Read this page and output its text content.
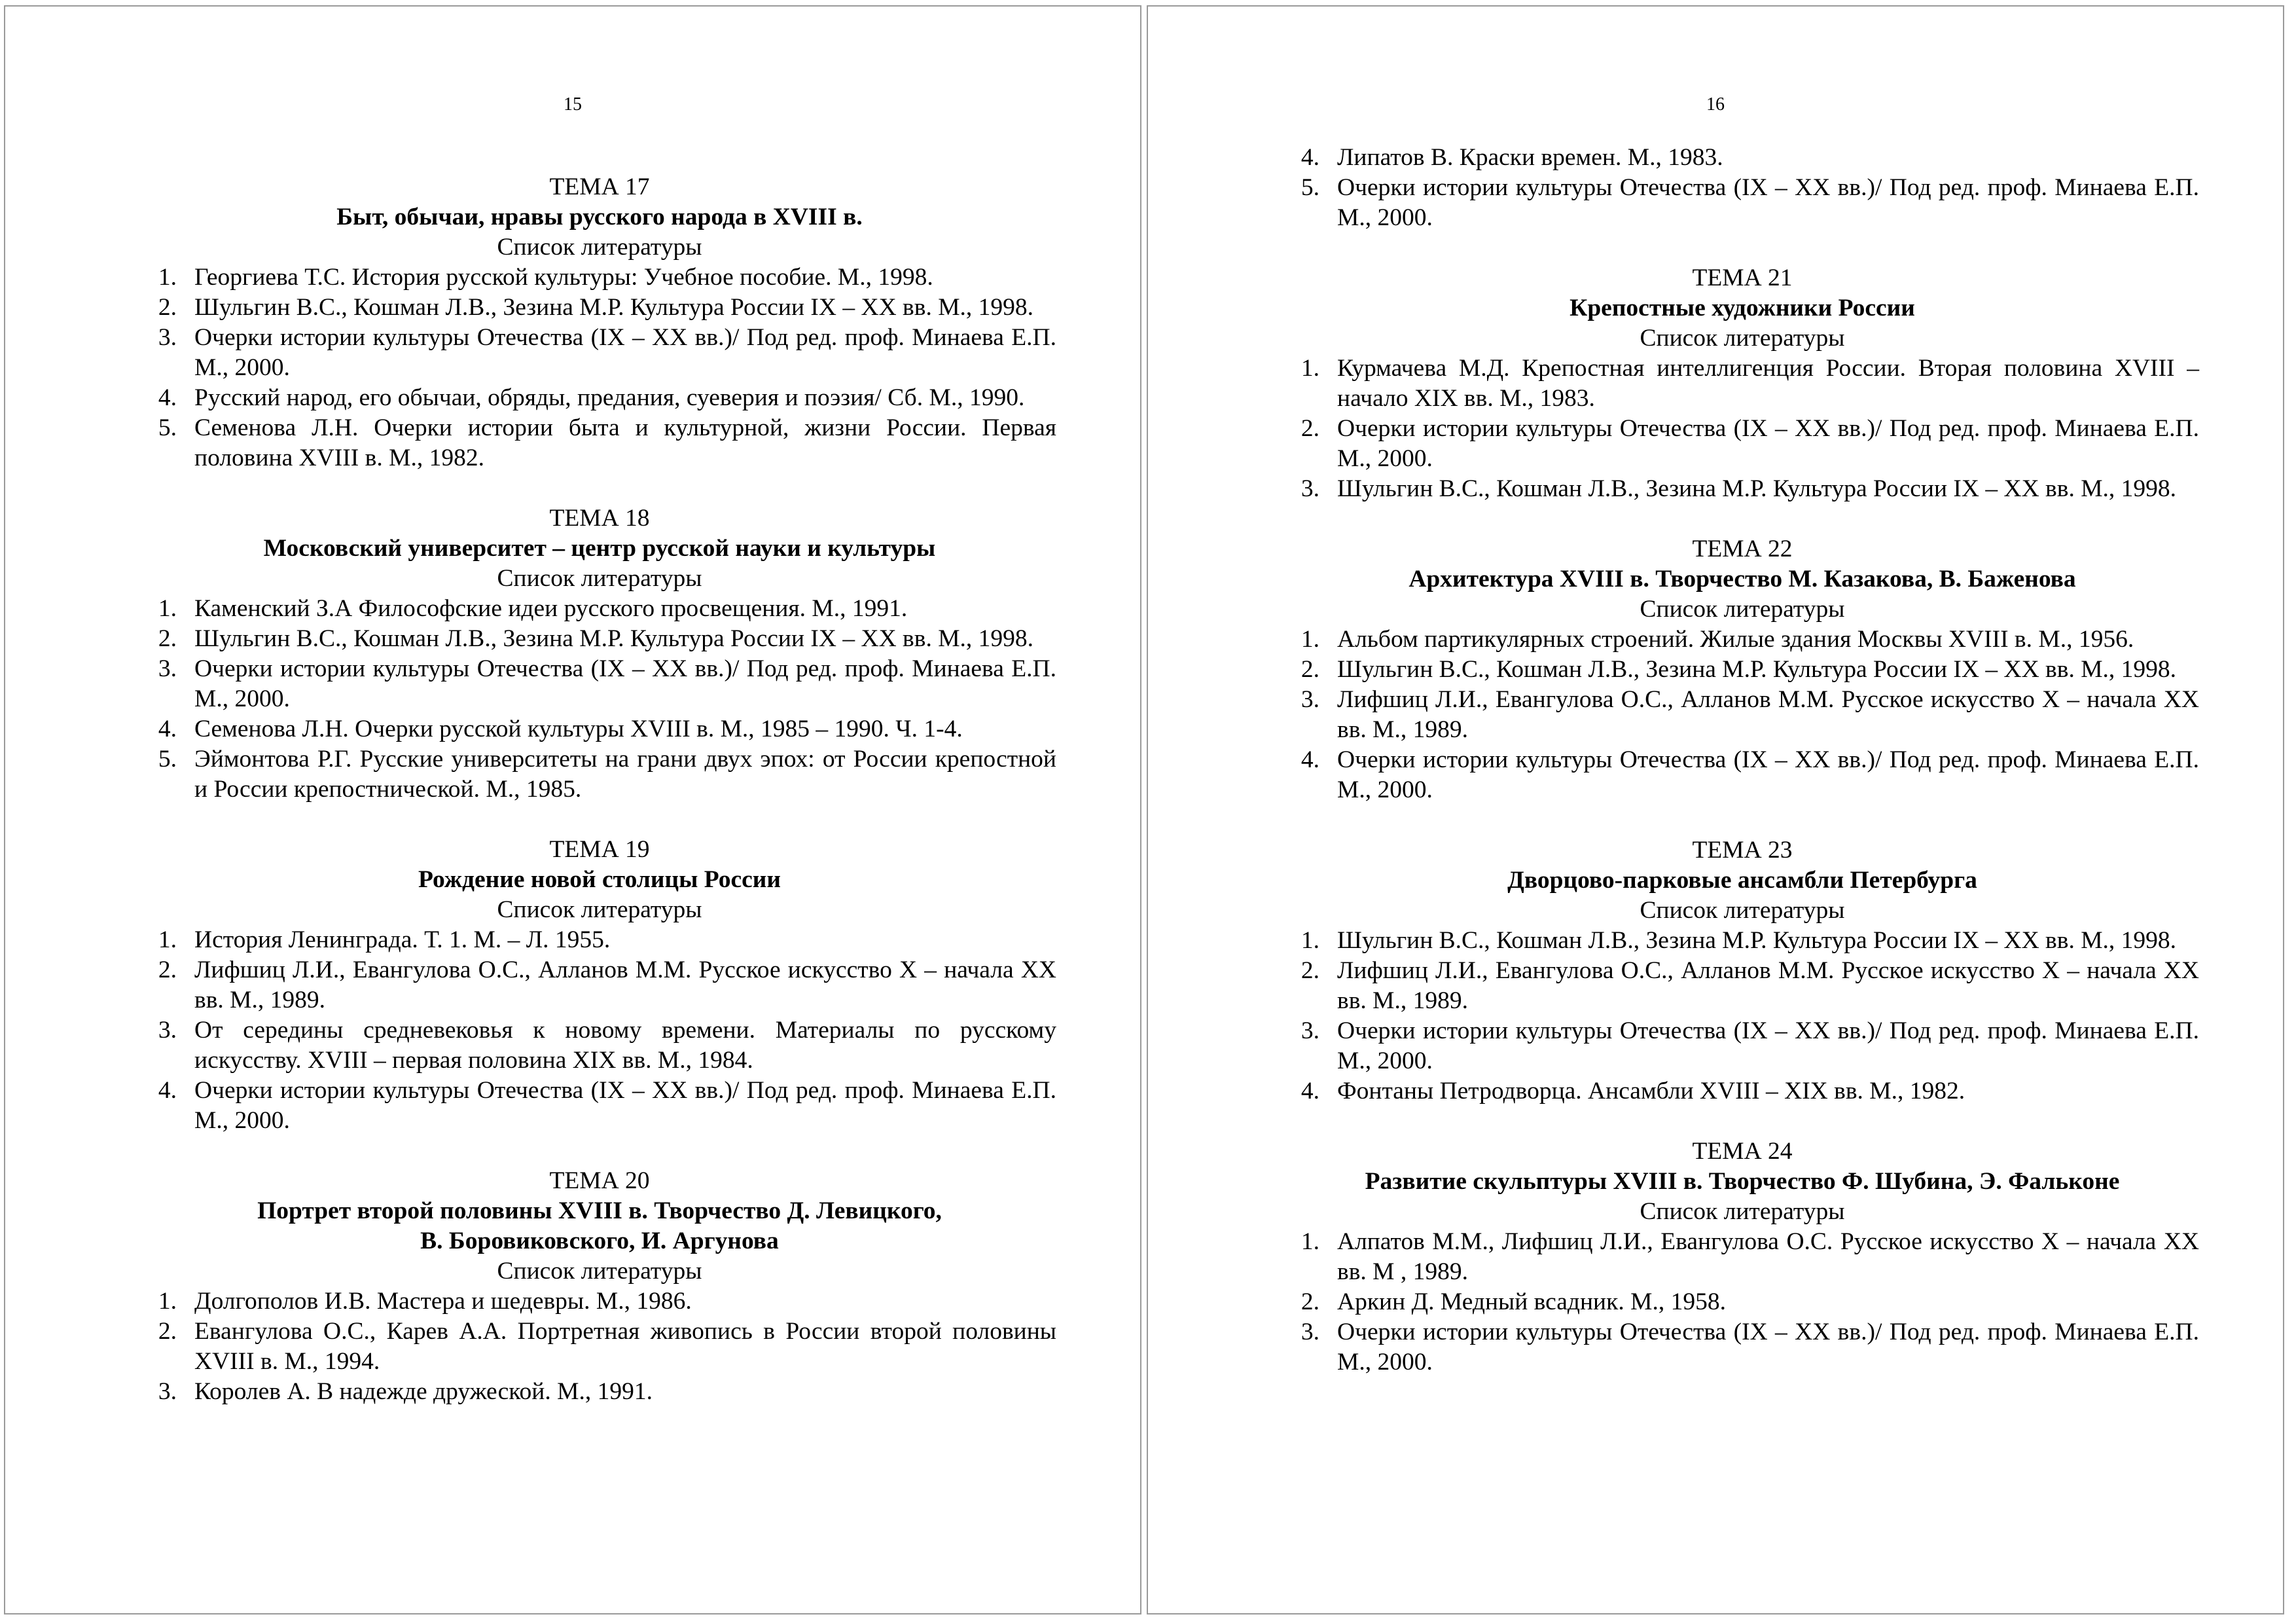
15
ТЕМА 17
Быт, обычаи, нравы русского народа в XVIII в.
Список литературы
1. Георгиева Т.С. История русской культуры: Учебное пособие. М., 1998.
2. Шульгин В.С., Кошман Л.В., Зезина М.Р. Культура России IX – XX вв. М., 1998.
3. Очерки истории культуры Отечества (IX – XX вв.)/ Под ред. проф. Минаева Е.П. М., 2000.
4. Русский народ, его обычаи, обряды, предания, суеверия и поэзия/ Сб. М., 1990.
5. Семенова Л.Н. Очерки истории быта и культурной, жизни России. Первая половина XVIII в. М., 1982.
ТЕМА 18
Московский университет – центр русской науки и культуры
Список литературы
1. Каменский З.А Философские идеи русского просвещения. М., 1991.
2. Шульгин В.С., Кошман Л.В., Зезина М.Р. Культура России IX – XX вв. М., 1998.
3. Очерки истории культуры Отечества (IX – XX вв.)/ Под ред. проф. Минаева Е.П. М., 2000.
4. Семенова Л.Н. Очерки русской культуры XVIII в. М., 1985 – 1990. Ч. 1-4.
5. Эймонтова Р.Г. Русские университеты на грани двух эпох: от России крепостной и России крепостнической. М., 1985.
ТЕМА 19
Рождение новой столицы России
Список литературы
1. История Ленинграда. Т. 1. М. – Л. 1955.
2. Лифшиц Л.И., Евангулова О.С., Алланов М.М. Русское искусство X – начала XX вв. М., 1989.
3. От середины средневековья к новому времени. Материалы по русскому искусству. XVIII – первая половина XIX вв. М., 1984.
4. Очерки истории культуры Отечества (IX – XX вв.)/ Под ред. проф. Минаева Е.П. М., 2000.
ТЕМА 20
Портрет второй половины XVIII в. Творчество Д. Левицкого,
В. Боровиковского, И. Аргунова
Список литературы
1. Долгополов И.В. Мастера и шедевры. М., 1986.
2. Евангулова О.С., Карев А.А. Портретная живопись в России второй половины XVIII в. М., 1994.
3. Королев А. В надежде дружеской. М., 1991.
16
4. Липатов В. Краски времен. М., 1983.
5. Очерки истории культуры Отечества (IX – XX вв.)/ Под ред. проф. Минаева Е.П. М., 2000.
ТЕМА 21
Крепостные художники России
Список литературы
1. Курмачева М.Д. Крепостная интеллигенция России. Вторая половина XVIII – начало XIX вв. М., 1983.
2. Очерки истории культуры Отечества (IX – XX вв.)/ Под ред. проф. Минаева Е.П. М., 2000.
3. Шульгин В.С., Кошман Л.В., Зезина М.Р. Культура России IX – XX вв. М., 1998.
ТЕМА 22
Архитектура XVIII в. Творчество М. Казакова, В. Баженова
Список литературы
1. Альбом партикулярных строений. Жилые здания Москвы XVIII в. М., 1956.
2. Шульгин В.С., Кошман Л.В., Зезина М.Р. Культура России IX – XX вв. М., 1998.
3. Лифшиц Л.И., Евангулова О.С., Алланов М.М. Русское искусство X – начала XX вв. М., 1989.
4. Очерки истории культуры Отечества (IX – XX вв.)/ Под ред. проф. Минаева Е.П. М., 2000.
ТЕМА 23
Дворцово-парковые ансамбли Петербурга
Список литературы
1. Шульгин В.С., Кошман Л.В., Зезина М.Р. Культура России IX – XX вв. М., 1998.
2. Лифшиц Л.И., Евангулова О.С., Алланов М.М. Русское искусство X – начала XX вв. М., 1989.
3. Очерки истории культуры Отечества (IX – XX вв.)/ Под ред. проф. Минаева Е.П. М., 2000.
4. Фонтаны Петродворца. Ансамбли XVIII – XIX вв. М., 1982.
ТЕМА 24
Развитие скульптуры XVIII в. Творчество Ф. Шубина, Э. Фальконе
Список литературы
1. Алпатов М.М., Лифшиц Л.И., Евангулова О.С. Русское искусство X – начала XX вв. М , 1989.
2. Аркин Д. Медный всадник. М., 1958.
3. Очерки истории культуры Отечества (IX – XX вв.)/ Под ред. проф. Минаева Е.П. М., 2000.
